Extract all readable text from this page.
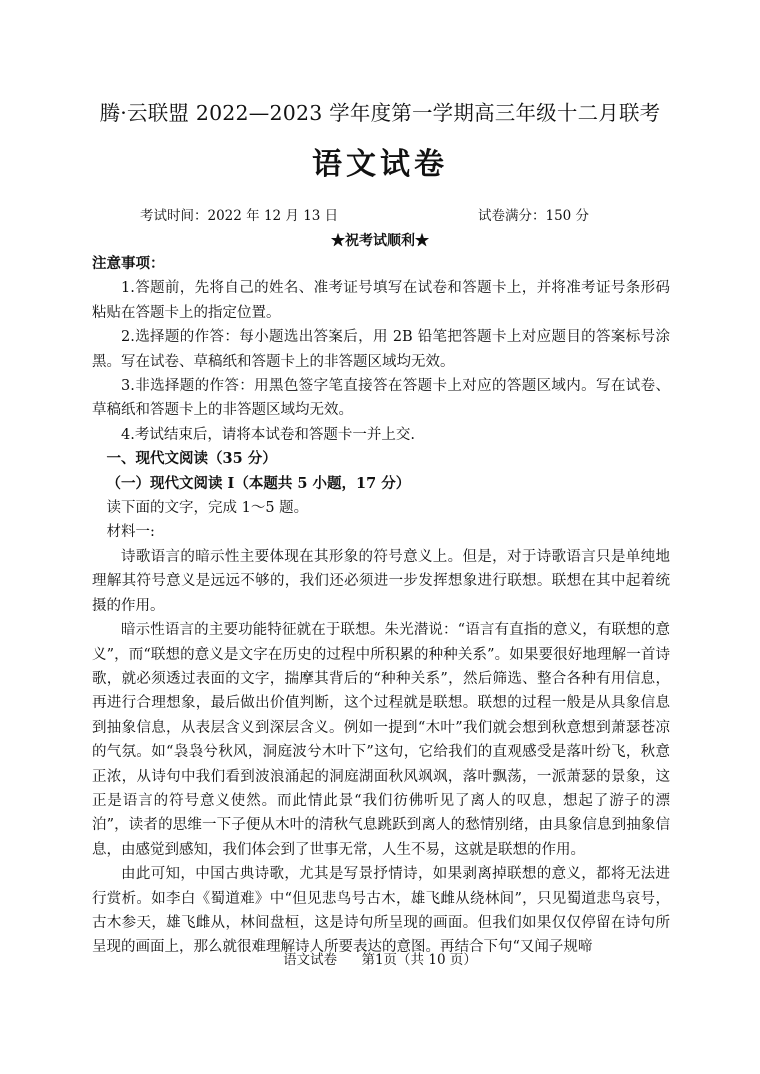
腾·云联盟 2022—2023 学年度第一学期高三年级十二月联考
语文试卷
考试时间：2022 年 12 月 13 日	试卷满分：150 分
★祝考试顺利★

注意事项：

1.答题前，先将自己的姓名、准考证号填写在试卷和答题卡上，并将准考证号条形码粘贴在答题卡上的指定位置。

2.选择题的作答：每小题选出答案后，用 2B 铅笔把答题卡上对应题目的答案标号涂黑。写在试卷、草稿纸和答题卡上的非答题区域均无效。

3.非选择题的作答：用黑色签字笔直接答在答题卡上对应的答题区域内。写在试卷、草稿纸和答题卡上的非答题区域均无效。

4.考试结束后，请将本试卷和答题卡一并上交.

一、现代文阅读（35 分）

（一）现代文阅读 I（本题共 5 小题，17 分）

读下面的文字，完成 1～5 题。

材料一:

诗歌语言的暗示性主要体现在其形象的符号意义上。但是，对于诗歌语言只是单纯地理解其符号意义是远远不够的，我们还必须进一步发挥想象进行联想。联想在其中起着统摄的作用。

暗示性语言的主要功能特征就在于联想。朱光潜说：“语言有直指的意义，有联想的意义”，而“联想的意义是文字在历史的过程中所积累的种种关系”。如果要很好地理解一首诗歌，就必须透过表面的文字，揣摩其背后的“种种关系”，然后筛选、整合各种有用信息，再进行合理想象，最后做出价值判断，这个过程就是联想。联想的过程一般是从具象信息到抽象信息，从表层含义到深层含义。例如一提到“木叶”我们就会想到秋意想到萧瑟苍凉的气氛。如“袅袅兮秋风，洞庭波兮木叶下”这句，它给我们的直观感受是落叶纷飞，秋意正浓，从诗句中我们看到波浪涌起的洞庭湖面秋风飒飒，落叶飘荡，一派萧瑟的景象，这正是语言的符号意义使然。而此情此景“我们彷佛听见了离人的叹息，想起了游子的漂泊”，读者的思维一下子便从木叶的清秋气息跳跃到离人的愁情别绪，由具象信息到抽象信息，由感觉到感知，我们体会到了世事无常，人生不易，这就是联想的作用。

由此可知，中国古典诗歌，尤其是写景抒情诗，如果剥离掉联想的意义，都将无法进行赏析。如李白《蜀道难》中“但见悲鸟号古木，雄飞雌从绕林间”，只见蜀道悲鸟哀号，古木参天，雄飞雌从，林间盘桓，这是诗句所呈现的画面。但我们如果仅仅停留在诗句所呈现的画面上，那么就很难理解诗人所要表达的意图。再结合下句“又闻子规啼

语文试卷 第1页（共 10 页）
